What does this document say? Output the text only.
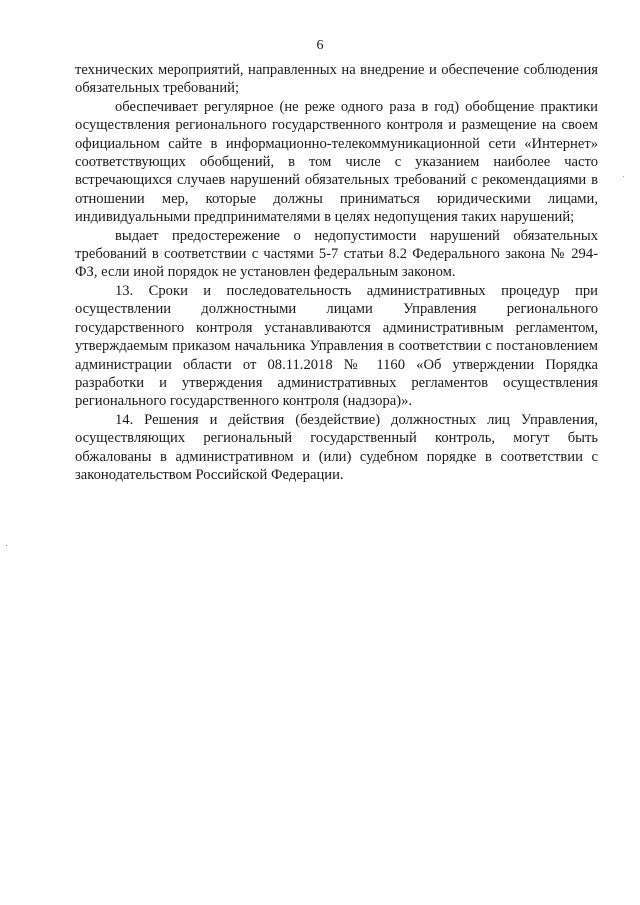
6

технических мероприятий, направленных на внедрение и обеспечение соблюдения обязательных требований;

обеспечивает регулярное (не реже одного раза в год) обобщение практики осуществления регионального государственного контроля и размещение на своем официальном сайте в информационно-телекоммуникационной сети «Интернет» соответствующих обобщений, в том числе с указанием наиболее часто встречающихся случаев нарушений обязательных требований с рекомендациями в отношении мер, которые должны приниматься юридическими лицами, индивидуальными предпринимателями в целях недопущения таких нарушений;

выдает предостережение о недопустимости нарушений обязательных требований в соответствии с частями 5-7 статьи 8.2 Федерального закона № 294-ФЗ, если иной порядок не установлен федеральным законом.

13. Сроки и последовательность административных процедур при осуществлении должностными лицами Управления регионального государственного контроля устанавливаются административным регламентом, утверждаемым приказом начальника Управления в соответствии с постановлением администрации области от 08.11.2018 № 1160 «Об утверждении Порядка разработки и утверждения административных регламентов осуществления регионального государственного контроля (надзора)».

14. Решения и действия (бездействие) должностных лиц Управления, осуществляющих региональный государственный контроль, могут быть обжалованы в административном и (или) судебном порядке в соответствии с законодательством Российской Федерации.
